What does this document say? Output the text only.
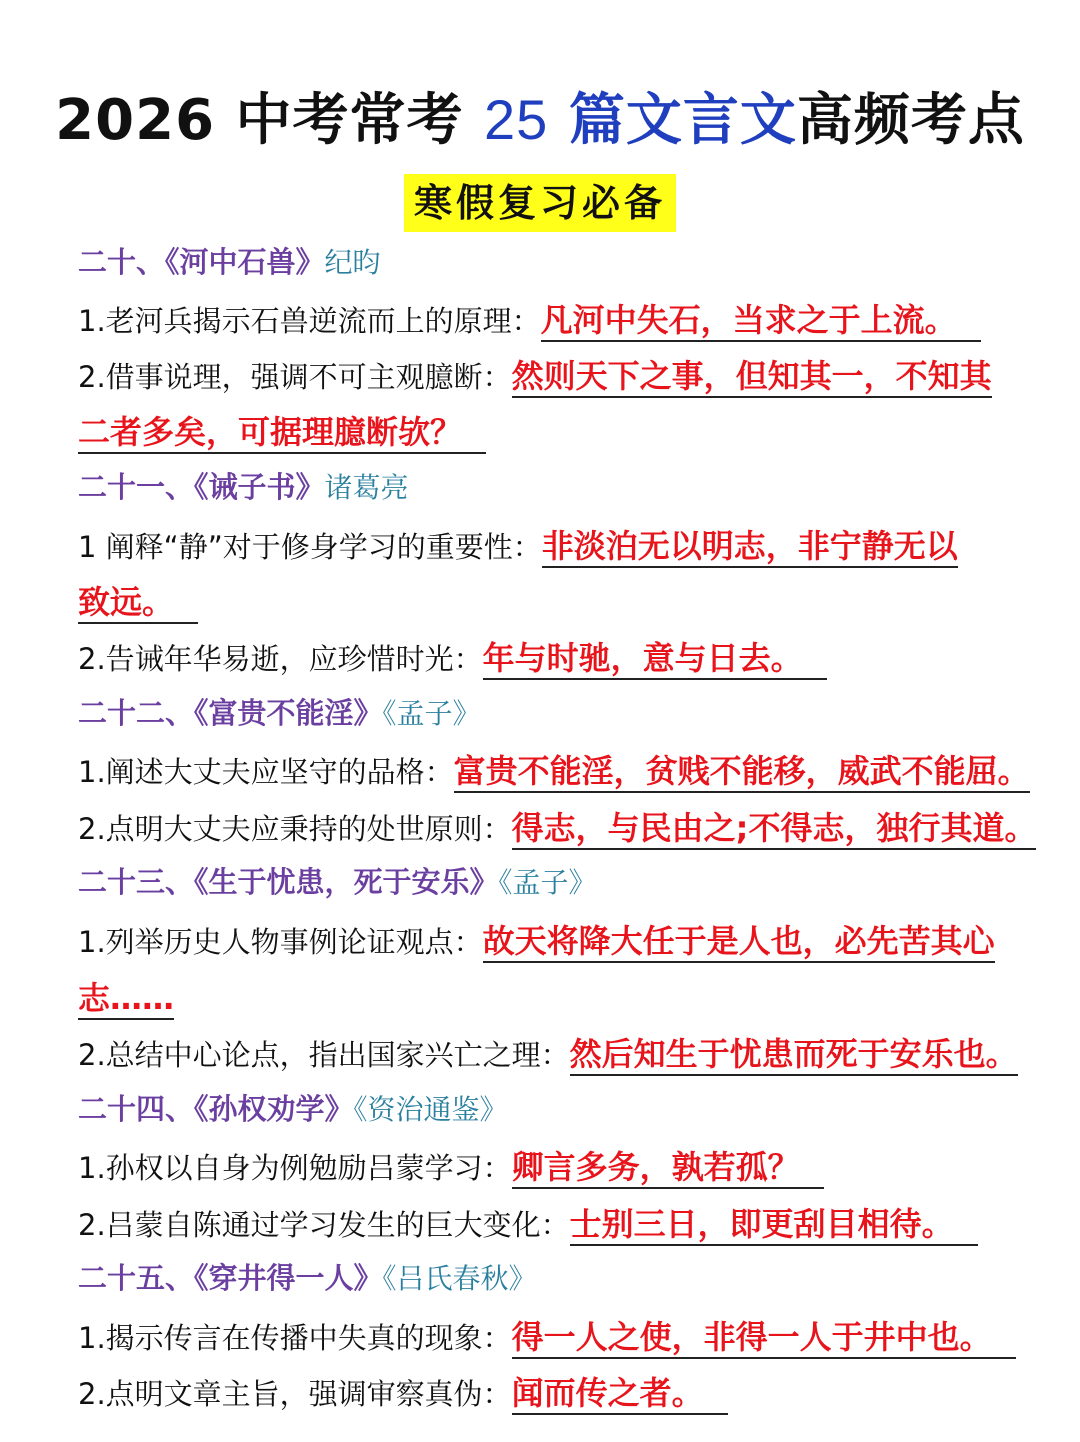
2026 中考常考 25 篇文言文高频考点
寒假复习必备
二十、《河中石兽》纪昀
1.老河兵揭示石兽逆流而上的原理：凡河中失石，当求之于上流。
2.借事说理，强调不可主观臆断：然则天下之事，但知其一，不知其
二者多矣，可据理臆断欤？
二十一、《诫子书》诸葛亮
1 阐释“静”对于修身学习的重要性：非淡泊无以明志，非宁静无以
致远。
2.告诫年华易逝，应珍惜时光：年与时驰，意与日去。
二十二、《富贵不能淫》《孟子》
1.阐述大丈夫应坚守的品格：富贵不能淫，贫贱不能移，威武不能屈。
2.点明大丈夫应秉持的处世原则：得志，与民由之;不得志，独行其道。
二十三、《生于忧患，死于安乐》《孟子》
1.列举历史人物事例论证观点：故天将降大任于是人也，必先苦其心
志……
2.总结中心论点，指出国家兴亡之理：然后知生于忧患而死于安乐也。
二十四、《孙权劝学》《资治通鉴》
1.孙权以自身为例勉励吕蒙学习：卿言多务，孰若孤？
2.吕蒙自陈通过学习发生的巨大变化：士别三日，即更刮目相待。
二十五、《穿井得一人》《吕氏春秋》
1.揭示传言在传播中失真的现象：得一人之使，非得一人于井中也。
2.点明文章主旨，强调审察真伪：闻而传之者。
